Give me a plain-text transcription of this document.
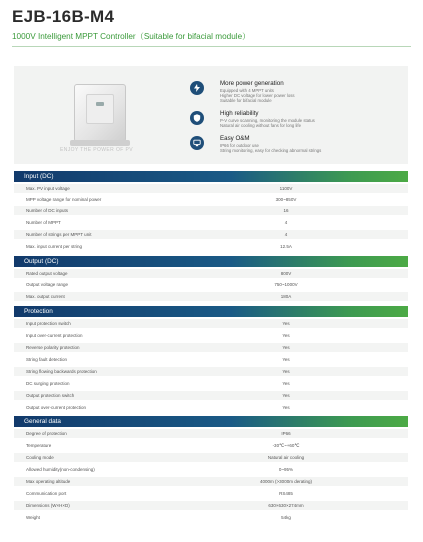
EJB-16B-M4
1000V Intelligent MPPT Controller（Suitable for bifacial module）
ENJOY THE POWER OF PV
More power generation
Equipped with 4 MPPT units
Higher DC voltage for lower power loss
Suitable for bifacial module
High reliability
P-V curve scanning, monitoring the module status
Natural air cooling without fans for long life
Easy O&M
IP66 for outdoor use
String monitoring, easy for checking abnormal strings
Input (DC)
Max. PV input voltage	1100V
MPP voltage range for nominal power	300~850V
Number of DC inputs	16
Number of MPPT	4
Number of strings per MPPT unit	4
Max. input current per string	12.5A
Output (DC)
Rated output voltage	800V
Output voltage range	750~1000V
Max. output current	180A
Protection
Input protection switch	Yes
Input over-current protection	Yes
Reverse polarity protection	Yes
String fault detection	Yes
String flowing backwards protection	Yes
DC surging protection	Yes
Output protection switch	Yes
Output over-current protection	Yes
General data
Degree of protection	IP66
Temperature	-30℃~+60℃
Cooling mode	Natural air cooling
Allowed humidity(non-condensing)	0~95%
Max operating altitude	4000m (>3000m derating)
Communication port	RS485
Dimensions (W×H×D)	630×630×274mm
Weight	54kg
